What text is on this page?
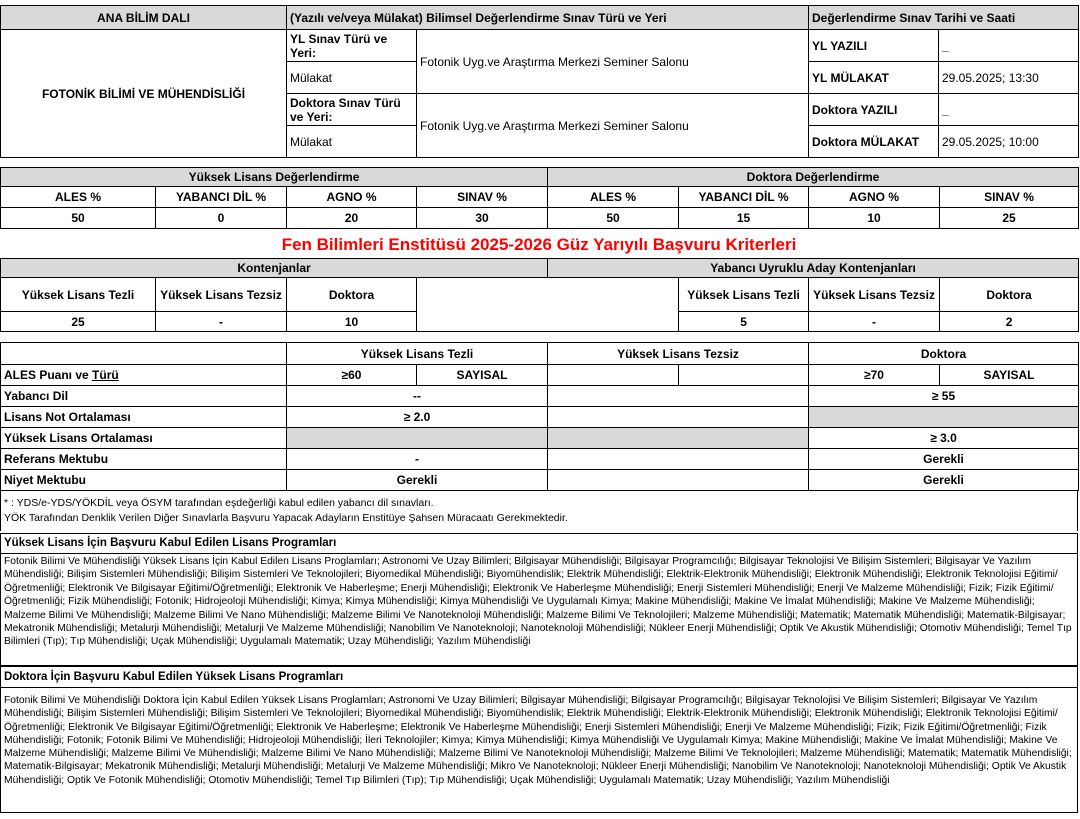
ANA BİLİM DALI	(Yazılı ve/veya Mülakat) Bilimsel Değerlendirme Sınav Türü ve Yeri		Değerlendirme Sınav Tarihi ve Saati	
FOTONİK BİLİMİ VE MÜHENDİSLİĞİ	YL Sınav Türü ve Yeri:	Fotonik Uyg.ve Araştırma Merkezi Seminer Salonu	YL YAZILI	_
	Mülakat		YL MÜLAKAT	29.05.2025; 13:30
	Doktora Sınav Türü ve Yeri:	Fotonik Uyg.ve Araştırma Merkezi Seminer Salonu	Doktora YAZILI	_
	Mülakat		Doktora MÜLAKAT	29.05.2025; 10:00
Yüksek Lisans Değerlendirme				Doktora Değerlendirme			
ALES %	YABANCI DİL %	AGNO %	SINAV %	ALES %	YABANCI DİL %	AGNO %	SINAV %
50	0	20	30	50	15	10	25
Fen Bilimleri Enstitüsü 2025-2026 Güz Yarıyılı Başvuru Kriterleri
Kontenjanlar				Yabancı Uyruklu Aday Kontenjanları			
Yüksek Lisans Tezli	Yüksek Lisans Tezsiz	Doktora			Yüksek Lisans Tezli	Yüksek Lisans Tezsiz	Doktora
25	-	10			5	-	2
	Yüksek Lisans Tezli		Yüksek Lisans Tezsiz		Doktora	
ALES Puanı ve Türü	≥60	SAYISAL			≥70	SAYISAL
Yabancı Dil	--				≥ 55	
Lisans Not Ortalaması	≥ 2.0					
Yüksek Lisans Ortalaması					≥ 3.0	
Referans Mektubu	-				Gerekli	
Niyet Mektubu	Gerekli				Gerekli	
* : YDS/e-YDS/YÖKDİL veya ÖSYM tarafından eşdeğerliği kabul edilen yabancı dil sınavları.
YÖK Tarafından Denklik Verilen Diğer Sınavlarla Başvuru Yapacak Adayların Enstitüye Şahsen Müracaatı Gerekmektedir.
Yüksek Lisans İçin Başvuru Kabul Edilen Lisans Programları
Fotonik Bilimi Ve Mühendisliği Yüksek Lisans İçin Kabul Edilen Lisans Proglamları; Astronomi Ve Uzay Bilimleri; Bilgisayar Mühendisliği; Bilgisayar Programcılığı; Bilgisayar Teknolojisi Ve Bilişim Sistemleri; Bilgisayar Ve Yazılım Mühendisliği; Bilişim Sistemleri Mühendisliği; Bilişim Sistemleri Ve Teknolojileri; Biyomedikal Mühendisliği; Biyomühendislik; Elektrik Mühendisliği; Elektrik-Elektronik Mühendisliği; Elektronik Mühendisliği; Elektronik Teknolojisi Eğitimi/Öğretmenliği; Elektronik Ve Bilgisayar Eğitimi/Öğretmenliği; Elektronik Ve Haberleşme; Enerji Mühendisliği; Elektronik Ve Haberleşme Mühendisliği; Enerji Sistemleri Mühendisliği; Enerji Ve Malzeme Mühendisliği; Fizik; Fizik Eğitimi/Öğretmenliği; Fizik Mühendisliği; Fotonik; Hidrojeoloji Mühendisliği; Kimya; Kimya Mühendisliği; Kimya Mühendisliği Ve Uygulamalı Kimya; Makine Mühendisliği; Makine Ve İmalat Mühendisliği; Makine Ve Malzeme Mühendisliği; Malzeme Bilimi Ve Mühendisliği; Malzeme Bilimi Ve Nano Mühendisliği; Malzeme Bilimi Ve Nanoteknoloji Mühendisliği; Malzeme Bilimi Ve Teknolojileri; Malzeme Mühendisliği; Matematik; Matematik Mühendisliği; Matematik-Bilgisayar; Mekatronik Mühendisliği; Metalurji Mühendisliği; Metalurji Ve Malzeme Mühendisliği; Nanobilim Ve Nanoteknoloji; Nanoteknoloji Mühendisliği; Nükleer Enerji Mühendisliği; Optik Ve Akustik Mühendisliği; Otomotiv Mühendisliği; Temel Tıp Bilimleri (Tıp); Tıp Mühendisliği; Uçak Mühendisliği; Uygulamalı Matematik; Uzay Mühendisliği; Yazılım Mühendisliği
Doktora İçin Başvuru Kabul Edilen Yüksek Lisans Programları
Fotonik Bilimi Ve Mühendisliği Doktora İçin Kabul Edilen Yüksek Lisans Proglamları; Astronomi Ve Uzay Bilimleri; Bilgisayar Mühendisliği; Bilgisayar Programcılığı; Bilgisayar Teknolojisi Ve Bilişim Sistemleri; Bilgisayar Ve Yazılım Mühendisliği; Bilişim Sistemleri Mühendisliği; Bilişim Sistemleri Ve Teknolojileri; Biyomedikal Mühendisliği; Biyomühendislik; Elektrik Mühendisliği; Elektrik-Elektronik Mühendisliği; Elektronik Mühendisliği; Elektronik Teknolojisi Eğitimi/Öğretmenliği; Elektronik Ve Bilgisayar Eğitimi/Öğretmenliği; Elektronik Ve Haberleşme; Elektronik Ve Haberleşme Mühendisliği; Enerji Sistemleri Mühendisliği; Enerji Ve Malzeme Mühendisliği; Fizik; Fizik Eğitimi/Öğretmenliği; Fizik Mühendisliği; Fotonik; Fotonik Bilimi Ve Mühendisliği; Hidrojeoloji Mühendisliği; İleri Teknolojiler; Kimya; Kimya Mühendisliği; Kimya Mühendisliği Ve Uygulamalı Kimya; Makine Mühendisliği; Makine Ve İmalat Mühendisliği; Makine Ve Malzeme Mühendisliği; Malzeme Bilimi Ve Mühendisliği; Malzeme Bilimi Ve Nano Mühendisliği; Malzeme Bilimi Ve Nanoteknoloji Mühendisliği; Malzeme Bilimi Ve Teknolojileri; Malzeme Mühendisliği; Matematik; Matematik Mühendisliği; Matematik-Bilgisayar; Mekatronik Mühendisliği; Metalurji Mühendisliği; Metalurji Ve Malzeme Mühendisliği; Mikro Ve Nanoteknoloji; Nükleer Enerji Mühendisliği; Nanobilim Ve Nanoteknoloji; Nanoteknoloji Mühendisliği; Optik Ve Akustik Mühendisliği; Optik Ve Fotonik Mühendisliği; Otomotiv Mühendisliği; Temel Tıp Bilimleri (Tıp); Tıp Mühendisliği; Uçak Mühendisliği; Uygulamalı Matematik; Uzay Mühendisliği; Yazılım Mühendisliği
